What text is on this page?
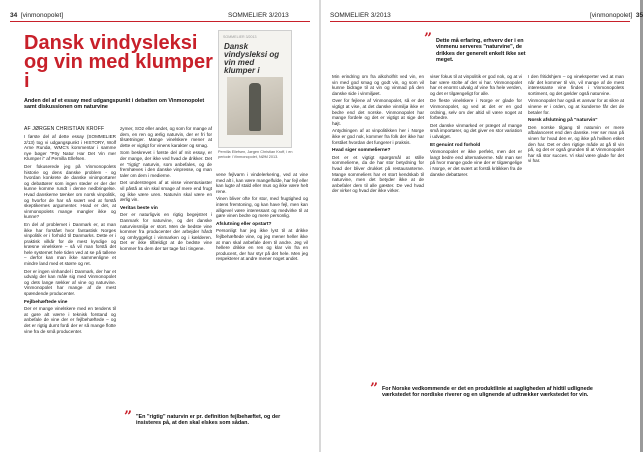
34 [vinmonopolet]	SOMMELIER 3/2013
Dansk vindysleksi og vin med klumper i
Anden del af et essay med udgangspunkt i debatten om Vinmonopolet samt diskussionen om naturvine
AF JØRGEN CHRISTIAN KROFF

I første del af dette essay (SOMMELIER 2/13) tog vi udgangspunkt i HISTORY, Wolf Arne Rundø, WMC's kommentar i samme nye bøger "Pöy Natur Har Det Vin mer Klumper i" af Pernilla Ellefsen.

Der fokuserede jeg på Vinmonopolets historie og dens danske problem - og hvordan konkrete de danske vinimportører og debattører som ingen steder er der der kunne komme rundt i denne nedbringelse. Hvad danskerne tænker om norsk vinpolitik, og hvorfor de har så svært ved at forstå skeptikernes argumenter. Hvad er det, at vinmonopolets mange mangler ikke og kunne?

En del af problemet i Danmark er, at man ikke har forstået hvor fantastisk Norges vinpolitik er i forhold til Danmarks. Dette er i praktisk vilkår for de mest kyndige og kræsne vinelskere – så vil man forstå det hele systemet hele tiden ved at se på tallene – derfor kan man ikke sammenligne et mindre land med et større og ret.

Der er ingen vinhandel i Danmark, der har et udvalg der kan måle sig med Vinmonopolet og dets lange rækker af vine og naturvine. Vinmonopolet har mange af de mest spændende producenter.

Fejlbehæftede vine

Der er mange vinelskere med en tendens til at gøre alt værre i teknisk forstand og anbefale de vine der er fejlbehæftede – og det er rigtig dumt fordi der er så mange flotte vine fra de små producenter.

zymer, SO2 eller andet, og som for mange af dem, en ren og ærlig naturvin, der er fri for tilsætninger. Mange vinelskere mener at dette er vigtigt for vinens karakter og smag.

Som beskrevet i første del af mit essay, er der mange, der ikke ved hvad de drikker. Det er "rigtig" naturvin, som anbefales, og de fremhæves i den danske vinpresse, og man taler om dem i medierne.

Det understreges af at visse vinentusiaster vil påstå at vin skal smage af mere end frugt og ikke være uren. Naturvin skal være en ærlig vin.

Veritas beste vin

Der er naturligvis en rigtig begejstret i Danmark for naturvine, og det danske naturvinsmiljø er stort. Men de bedste vine kommer fra producenter der arbejder hårdt og omhyggeligt i vinmarken og i kælderen. Det er ikke tilfældigt at de bedste vine kommer fra dem der tør tage fat i tingene.

SOMMELIER 3/2013
Dansk vindysleksi og vin med klumper i
Pernilla Ellefsen, Jørgen Christian Kroff, i en periode i Vinmonopolet, NØM 2013.

vene fejlvarm i vindelerkering, ved at vine med alt i, kan være mangelfulde, har fejl eller kan lugte af stald eller mus og ikke være helt rene.

Vinen bliver ofte for stor, med frugtighed og intens fremtoning, og kan have fejl, men kan alligevel være interessant og medvirke til at gøre vinen bedre og mere personlig.

Afslutning eller opstart?

Personligt har jeg ikke lyst til at drikke fejlbehæftede vine, og jeg mener heller ikke at man skal anbefale dem til andre. Jeg vil hellere drikke en ren og klar vin fra en producent, der har styr på det hele. Men jeg respekterer at andre mener noget andet.

” "En "rigtig" naturvin er pr. definition fejlbehæftet, og der insisteres på, at den skal elskes som sådan.
SOMMELIER 3/2013	[vinmonopolet] 35
” Dette må erfaring, erhverv der i en vinmenu serveres "naturvine", de drikkes der generelt enkelt ikke set meget.

Min erindring om fra alkoholfrit ved vin, en vin med god smag og godt vin, og som vil kunne bidrage til at vin og vinmad på den danske side i vinmiljøet.

Over for fejlene af Vinmonopolet, så er det vigtigt at vise, at det danske vinmiljø ikke er bedre end det norske. Vinmonopolet har mange fordele og det er vigtigt at sige det højt.

Antydningen af at vinpolitikken her i Norge ikke er god nok, kommer fra folk der ikke har forstået hvordan det fungerer i praksis.

Hvad siger sommelierne?

Det er et vigtigt spørgsmål at stille sommelierne, da de har stor betydning for hvad der bliver drukket på restauranterne. Mange sommeliers har et stort kendskab til naturvine, men det betyder ikke at de anbefaler dem til alle gæster. De ved hvad der virker og hvad der ikke virker.

viser fokus til at vinpolitik er god nok, og at vi bør være stolte af det vi har. Vinmonopolet har et enormt udvalg af vine fra hele verden, og det er tilgængeligt for alle.

De fleste vinelskere i Norge er glade for Vinmonopolet, og ved at det er en god ordning, selv om der altid vil være noget at forbedre.

Det danske vinmarked er præget af mange små importører, og det giver en stor variation i udvalget.

Et genuint rod forhold

Vinmonopolet er ikke perfekt, men det er langt bedre end alternativerne. Når man ser på hvor mange gode vine der er tilgængelige i Norge, er det svært at forstå kritikken fra de danske debattører.

I den fritidshjem – og vineksperter ved at man når det kommer til vin, vil mange af de mest interessante vine findes i Vinmonopolets sortiment, og det gælder også naturvine.

Vinmonopolet har også et ansvar for at sikre at vinene er i orden, og at kunderne får det de betaler for.

Norsk afslutning på "naturvin"

Den norske tilgang til naturvin er mere afbalanceret end den danske. Her ser man på vinen for hvad den er, og ikke på hvilken etiket den har. Det er den rigtige måde at gå til vin på, og det er også grunden til at Vinmonopolet har så stor succes. Vi skal være glade for det vi har.

” For Norske vedkommende er det en produktlinie at sagligheden af hidtil udlignede værkstedet for nordiske riverer og en ulignende af udtrækker værkstedet for vin.
